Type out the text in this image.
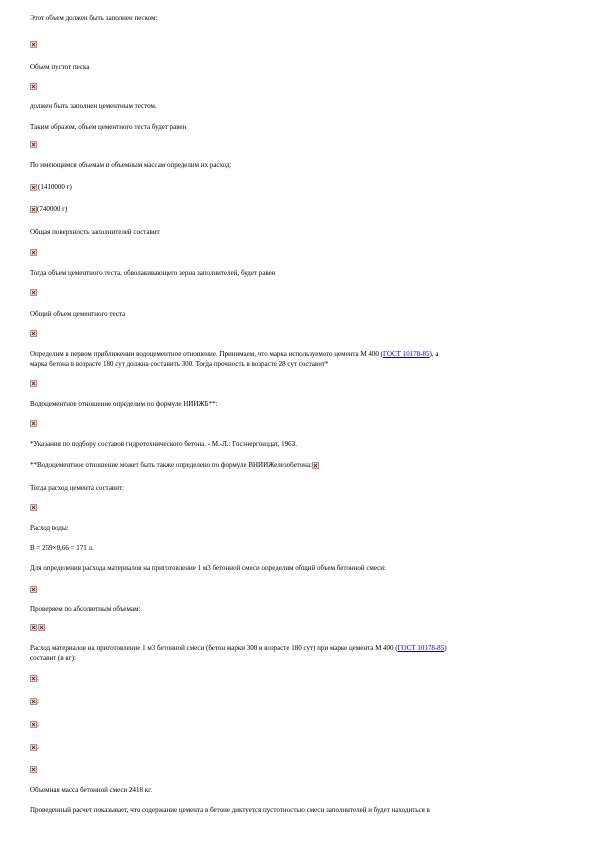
Этот объем должен быть заполнен песком:
Объем пустот песка
должен быть заполнен цементным тестом.
Таким образом, объем цементного теста будет равен
По имеющимся объемам и объемным массам определим их расход:
(1410000 г)
(740000 г)
Общая поверхность заполнителей составит
Тогда объем цементного теста, обволакивающего зерна заполнителей, будет равен
Общий объем цементного теста
Определим в первом приближении водоцементное отношение. Принимаем, что марка используемого цемента М 400 (ГОСТ 10178-85), а
марка бетона в возрасте 180 сут должна составить 300. Тогда прочность в возрасте 28 сут составит*
Водоцементное отношение определим по формуле НИИЖБ**:
*Указания по подбору составов гидротехнического бетона. - М.-Л.: Госэнергоиздат, 1963.
**Водоцементное отношение может быть также определено по формуле ВНИИЖелезобетона:
Тогда расход цемента составит:
Расход воды:
В = 259×0,66 = 171 л.
Для определения расхода материалов на приготовление 1 м3 бетонной смеси определим общий объем бетонной смеси:
Проверяем по абсолютным объемам:
Расход материалов на приготовление 1 м3 бетонной смеси (бетон марки 300 в возрасте 180 сут) при марке цемента М 400 (ГОСТ 10178-85)
составит (в кг):
;
;
;
;
Объемная масса бетонной смеси 2418 кг.
Проведенный расчет показывает, что содержание цемента в бетоне диктуется пустотностью смеси заполнителей и будет находиться в
